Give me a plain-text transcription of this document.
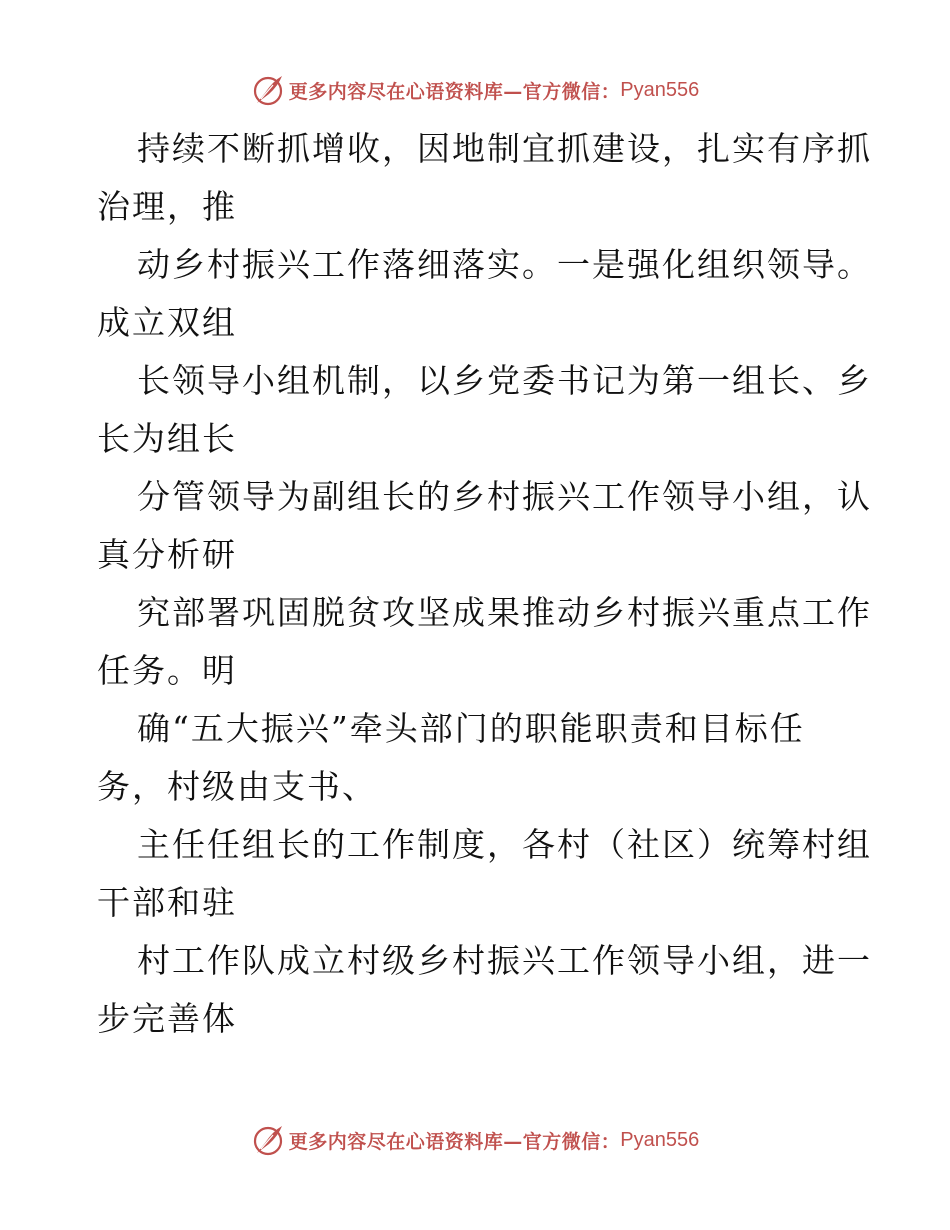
更多内容尽在心语资料库—官方微信： Pyan556
持续不断抓增收，因地制宜抓建设，扎实有序抓
治理，推
动乡村振兴工作落细落实。一是强化组织领导。
成立双组
长领导小组机制，以乡党委书记为第一组长、乡
长为组长
分管领导为副组长的乡村振兴工作领导小组，认
真分析研
究部署巩固脱贫攻坚成果推动乡村振兴重点工作
任务。明
确“五大振兴”牵头部门的职能职责和目标任
务，村级由支书、
主任任组长的工作制度，各村（社区）统筹村组
干部和驻
村工作队成立村级乡村振兴工作领导小组，进一
步完善体
更多内容尽在心语资料库—官方微信： Pyan556
